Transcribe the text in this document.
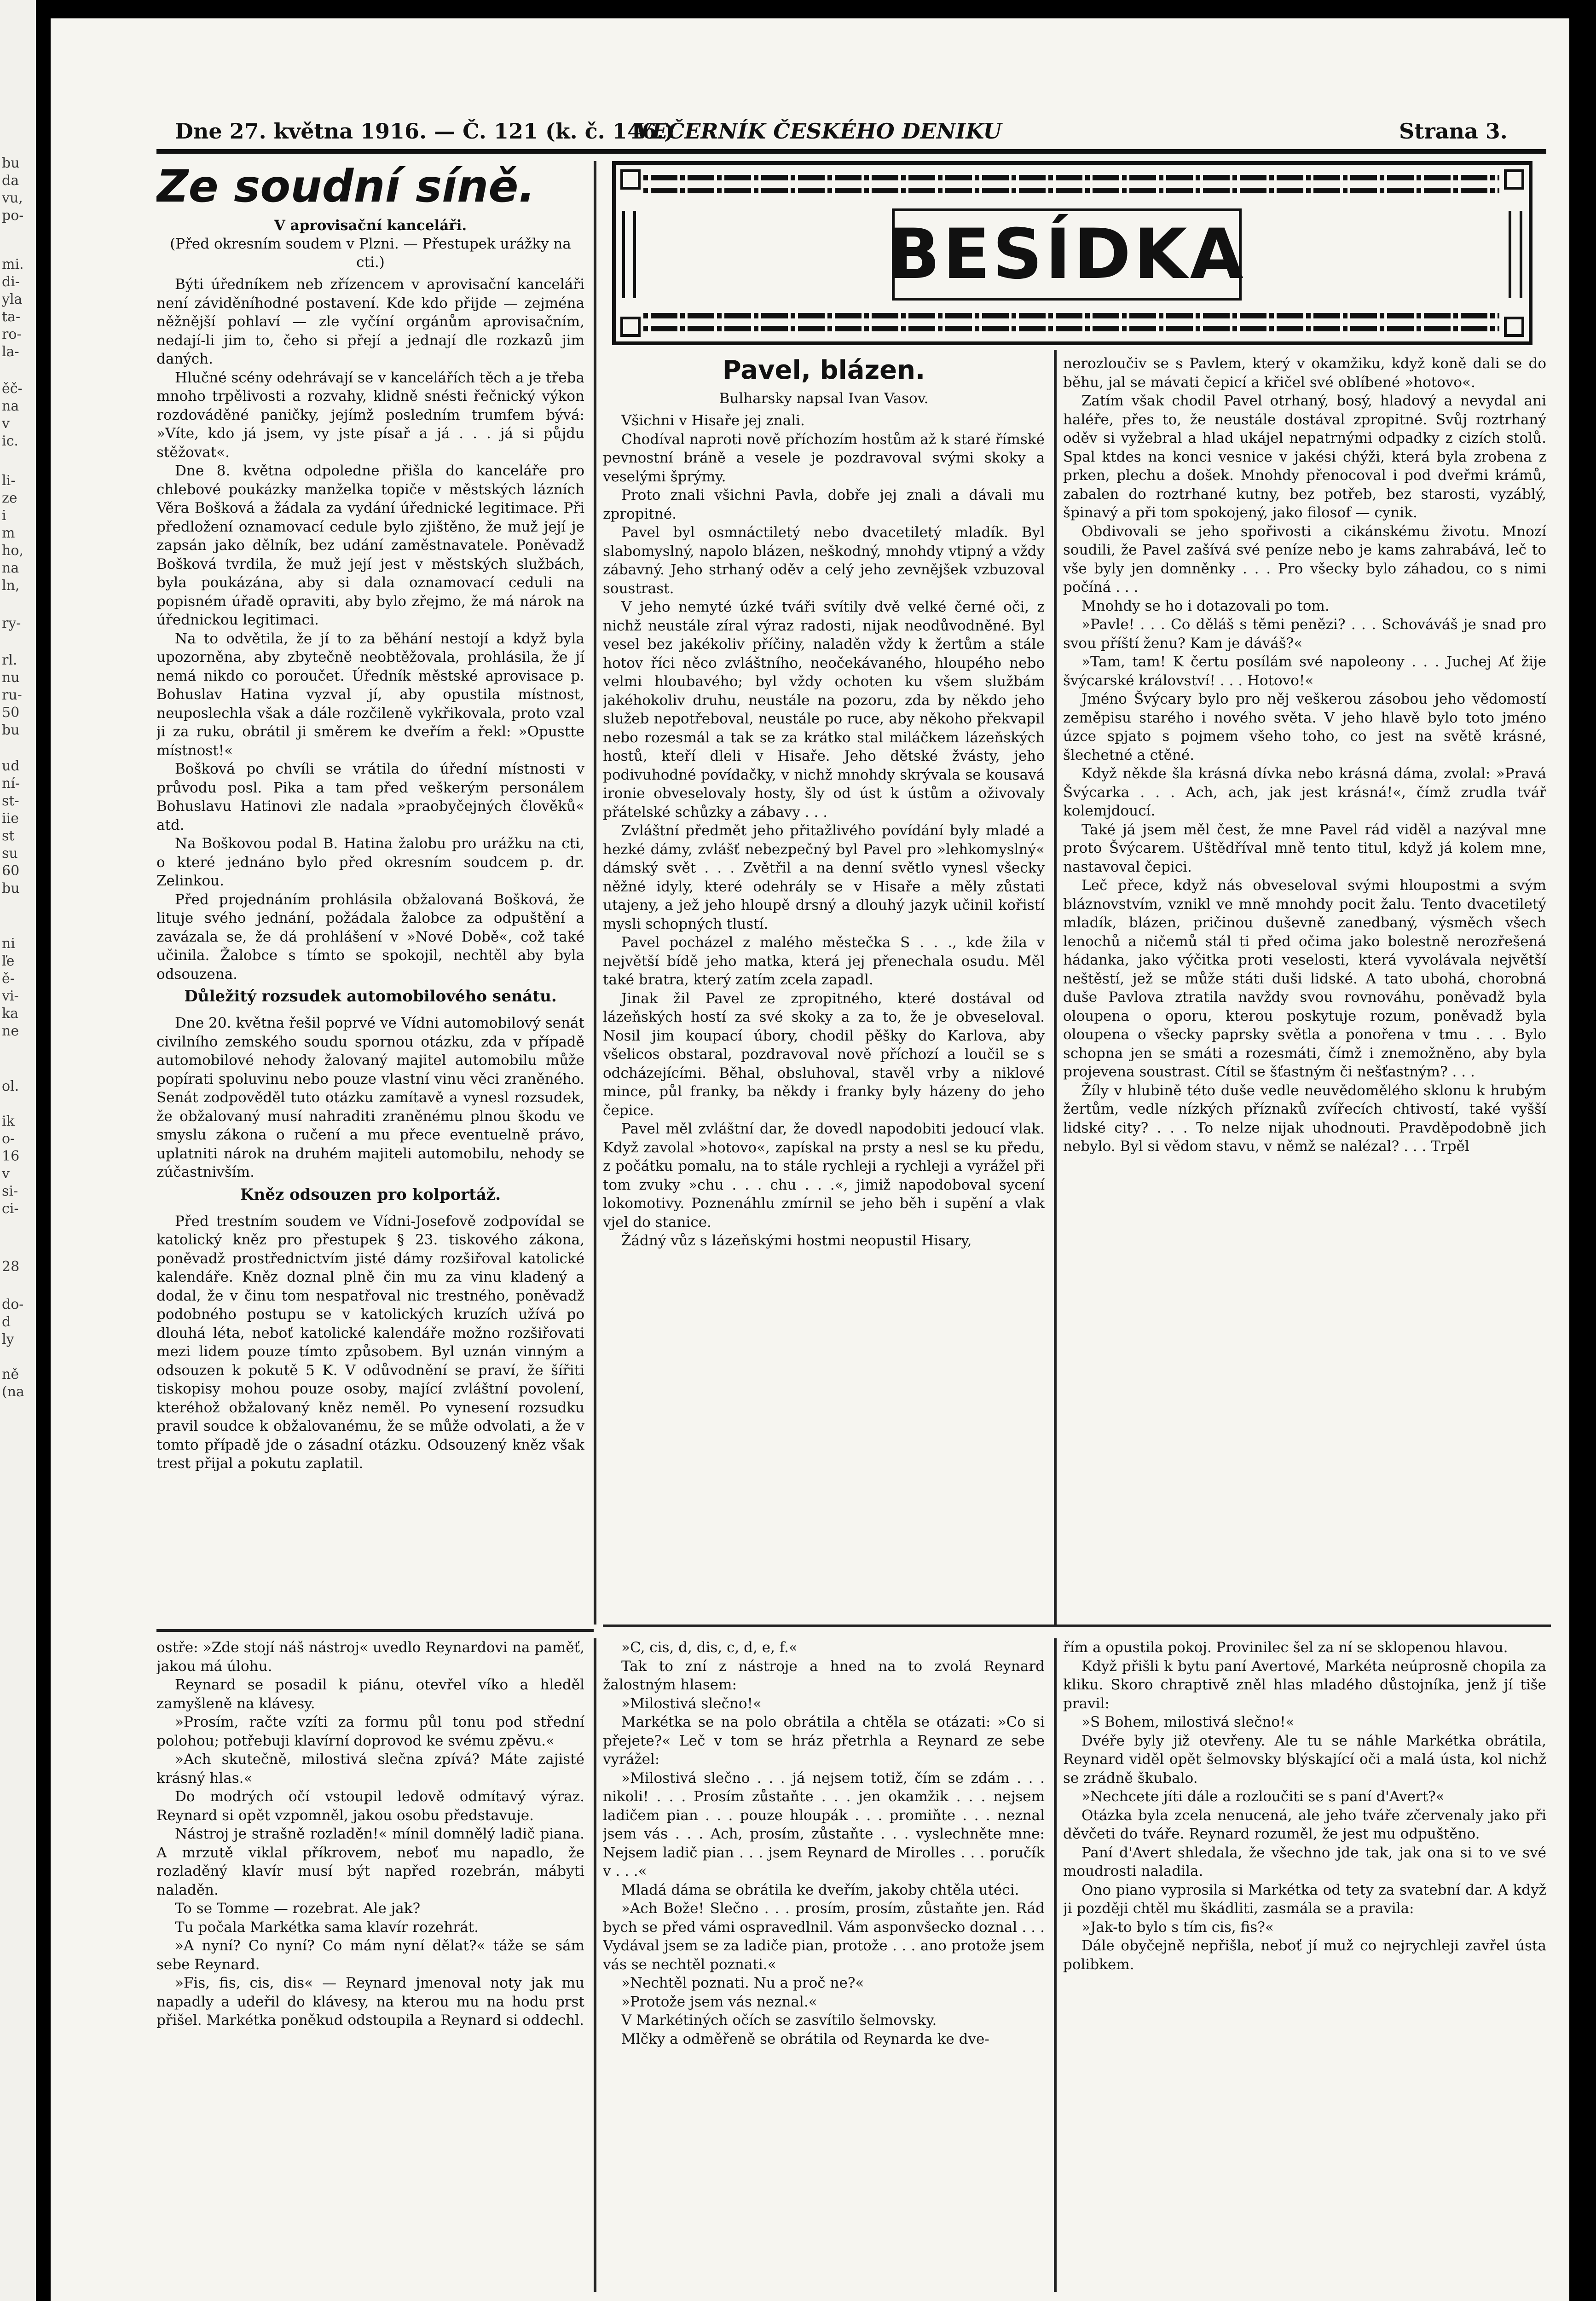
bu
da
vu,
po-
mi.
di-
yla
ta-
ro-
la-
ěč-
na
v
ic.
li-
ze
i
m
ho,
na
ln,
ry-
rl.
nu
ru-
50
bu
ud
ní-
st-
iie
st
su
60
bu
ni
ľe
ě-
vi-
ka
ne
ol.
ik
o-
16
v
si-
ci-
28
do-
d
ly
ně
(na
Dne 27. května 1916. — Č. 121 (k. č. 146.)
VEČERNÍK ČESKÉHO DENIKU	Strana 3.
BESÍDKA
Ze soudní síně.
V aprovisační kanceláři.
(Před okresním soudem v Plzni. — Přestupek urážky na cti.)

Býti úředníkem neb zřízencem v aprovisační kanceláři není záviděníhodné postavení. Kde kdo přijde — zejména něžnější pohlaví — zle vyčíní orgánům aprovisačním, nedají-li jim to, čeho si přejí a jednají dle rozkazů jim daných.

Hlučné scény odehrávají se v kancelářích těch a je třeba mnoho trpělivosti a rozvahy, klidně snésti řečnický výkon rozdováděné paničky, jejímž posledním trumfem bývá: »Víte, kdo já jsem, vy jste písař a já . . . já si půjdu stěžovat«.

Dne 8. května odpoledne přišla do kanceláře pro chlebové poukázky manželka topiče v městských lázních Věra Bošková a žádala za vydání úřednické legitimace. Při předložení oznamovací cedule bylo zjištěno, že muž její je zapsán jako dělník, bez udání zaměstnavatele. Poněvadž Bošková tvrdila, že muž její jest v městských službách, byla poukázána, aby si dala oznamovací ceduli na popisném úřadě opraviti, aby bylo zřejmo, že má nárok na úřednickou legitimaci.

Na to odvětila, že jí to za běhání nestojí a když byla upozorněna, aby zbytečně neobtěžovala, prohlásila, že jí nemá nikdo co poroučet. Úředník městské aprovisace p. Bohuslav Hatina vyzval jí, aby opustila místnost, neuposlechla však a dále rozčileně vykřikovala, proto vzal ji za ruku, obrátil ji směrem ke dveřím a řekl: »Opustte místnost!«

Bošková po chvíli se vrátila do úřední místnosti v průvodu posl. Pika a tam před veškerým personálem Bohuslavu Hatinovi zle nadala »praobyčejných člověků« atd.

Na Boškovou podal B. Hatina žalobu pro urážku na cti, o které jednáno bylo před okresním soudcem p. dr. Zelinkou.

Před projednáním prohlásila obžalovaná Bošková, že lituje svého jednání, požádala žalobce za odpuštění a zavázala se, že dá prohlášení v »Nové Době«, což také učinila. Žalobce s tímto se spokojil, nechtěl aby byla odsouzena.

Důležitý rozsudek automobilového senátu.

Dne 20. května řešil poprvé ve Vídni automobilový senát civilního zemského soudu spornou otázku, zda v případě automobilové nehody žalovaný majitel automobilu může popírati spoluvinu nebo pouze vlastní vinu věci zraněného. Senát zodpověděl tuto otázku zamítavě a vynesl rozsudek, že obžalovaný musí nahraditi zraněnému plnou škodu ve smyslu zákona o ručení a mu přece eventuelně právo, uplatniti nárok na druhém majiteli automobilu, nehody se zúčastnivším.

Kněz odsouzen pro kolportáž.

Před trestním soudem ve Vídni-Josefově zodpovídal se katolický kněz pro přestupek § 23. tiskového zákona, poněvadž prostřednictvím jisté dámy rozšiřoval katolické kalendáře. Kněz doznal plně čin mu za vinu kladený a dodal, že v činu tom nespatřoval nic trestného, poněvadž podobného postupu se v katolických kruzích užívá po dlouhá léta, neboť katolické kalendáře možno rozšiřovati mezi lidem pouze tímto způsobem. Byl uznán vinným a odsouzen k pokutě 5 K. V odůvodnění se praví, že šířiti tiskopisy mohou pouze osoby, mající zvláštní povolení, kteréhož obžalovaný kněz neměl. Po vynesení rozsudku pravil soudce k obžalovanému, že se může odvolati, a že v tomto případě jde o zásadní otázku. Odsouzený kněz však trest přijal a pokutu zaplatil.

Pavel, blázen.
Bulharsky napsal Ivan Vasov.

Všichni v Hisaře jej znali.

Chodíval naproti nově příchozím hostům až k staré římské pevnostní bráně a vesele je pozdravoval svými skoky a veselými šprýmy.

Proto znali všichni Pavla, dobře jej znali a dávali mu zpropitné.

Pavel byl osmnáctiletý nebo dvacetiletý mladík. Byl slabomyslný, napolo blázen, neškodný, mnohdy vtipný a vždy zábavný. Jeho strhaný oděv a celý jeho zevnějšek vzbuzoval soustrast.

V jeho nemyté úzké tváři svítily dvě velké černé oči, z nichž neustále zíral výraz radosti, nijak neodůvodněné. Byl vesel bez jakékoliv příčiny, naladěn vždy k žertům a stále hotov říci něco zvláštního, neočekávaného, hloupého nebo velmi hloubavého; byl vždy ochoten ku všem službám jakéhokoliv druhu, neustále na pozoru, zda by někdo jeho služeb nepotřeboval, neustále po ruce, aby někoho překvapil nebo rozesmál a tak se za krátko stal miláčkem lázeňských hostů, kteří dleli v Hisaře. Jeho dětské žvásty, jeho podivuhodné povídačky, v nichž mnohdy skrývala se kousavá ironie obveselovaly hosty, šly od úst k ústům a oživovaly přátelské schůzky a zábavy . . .

Zvláštní předmět jeho přitažlivého povídání byly mladé a hezké dámy, zvlášť nebezpečný byl Pavel pro »lehkomyslný« dámský svět . . . Zvětřil a na denní světlo vynesl všecky něžné idyly, které odehrály se v Hisaře a měly zůstati utajeny, a jež jeho hloupě drsný a dlouhý jazyk učinil kořistí mysli schopných tlustí.

Pavel pocházel z malého městečka S . . ., kde žila v největší bídě jeho matka, která jej přenechala osudu. Měl také bratra, který zatím zcela zapadl.

Jinak žil Pavel ze zpropitného, které dostával od lázeňských hostí za své skoky a za to, že je obveseloval. Nosil jim koupací úbory, chodil pěšky do Karlova, aby všelicos obstaral, pozdravoval nově příchozí a loučil se s odcházejícími. Běhal, obsluhoval, stavěl vrby a niklové mince, půl franky, ba někdy i franky byly házeny do jeho čepice.

Pavel měl zvláštní dar, že dovedl napodobiti jedoucí vlak. Když zavolal »hotovo«, zapískal na prsty a nesl se ku předu, z počátku pomalu, na to stále rychleji a rychleji a vyrážel při tom zvuky »chu . . . chu . . .«, jimiž napodoboval sycení lokomotivy. Poznenáhlu zmírnil se jeho běh i supění a vlak vjel do stanice.

Žádný vůz s lázeňskými hostmi neopustil Hisary,

nerozloučiv se s Pavlem, který v okamžiku, když koně dali se do běhu, jal se mávati čepicí a křičel své oblíbené »hotovo«.

Zatím však chodil Pavel otrhaný, bosý, hladový a nevydal ani haléře, přes to, že neustále dostával zpropitné. Svůj roztrhaný oděv si vyžebral a hlad ukájel nepatrnými odpadky z cizích stolů. Spal ktdes na konci vesnice v jakési chýži, která byla zrobena z prken, plechu a došek. Mnohdy přenocoval i pod dveřmi krámů, zabalen do roztrhané kutny, bez potřeb, bez starosti, vyzáblý, špinavý a při tom spokojený, jako filosof — cynik.

Obdivovali se jeho spořivosti a cikánskému životu. Mnozí soudili, že Pavel zašívá své peníze nebo je kams zahrabává, leč to vše byly jen domněnky . . . Pro všecky bylo záhadou, co s nimi počíná . . .

Mnohdy se ho i dotazovali po tom.

»Pavle! . . . Co děláš s těmi penězi? . . . Schováváš je snad pro svou příští ženu? Kam je dáváš?«

»Tam, tam! K čertu posílám své napoleony . . . Juchej Ať žije švýcarské království! . . . Hotovo!«

Jméno Švýcary bylo pro něj veškerou zásobou jeho vědomostí zeměpisu starého i nového světa. V jeho hlavě bylo toto jméno úzce spjato s pojmem všeho toho, co jest na světě krásné, šlechetné a ctěné.

Když někde šla krásná dívka nebo krásná dáma, zvolal: »Pravá Švýcarka . . . Ach, ach, jak jest krásná!«, čímž zrudla tvář kolemjdoucí.

Také já jsem měl čest, že mne Pavel rád viděl a nazýval mne proto Švýcarem. Uštědříval mně tento titul, když já kolem mne, nastavoval čepici.

Leč přece, když nás obveseloval svými hloupostmi a svým bláznovstvím, vznikl ve mně mnohdy pocit žalu. Tento dvacetiletý mladík, blázen, pričinou duševně zanedbaný, výsměch všech lenochů a ničemů stál ti před očima jako bolestně nerozřešená hádanka, jako výčitka proti veselosti, která vyvolávala největší neštěstí, jež se může státi duši lidské. A tato ubohá, chorobná duše Pavlova ztratila navždy svou rovnováhu, poněvadž byla oloupena o oporu, kterou poskytuje rozum, poněvadž byla oloupena o všecky paprsky světla a ponořena v tmu . . . Bylo schopna jen se smáti a rozesmáti, čímž i znemožněno, aby byla projevena soustrast. Cítil se šťastným či nešťastným? . . .

Žíly v hlubině této duše vedle neuvědomělého sklonu k hrubým žertům, vedle nízkých příznaků zvířecích chtivostí, také vyšší lidské city? . . . To nelze nijak uhodnouti. Pravděpodobně jich nebylo. Byl si vědom stavu, v němž se nalézal? . . . Trpěl

ostře: »Zde stojí náš nástroj« uvedlo Reynardovi na paměť, jakou má úlohu.

Reynard se posadil k piánu, otevřel víko a hleděl zamyšleně na klávesy.

»Prosím, račte vzíti za formu půl tonu pod střední polohou; potřebuji klavírní doprovod ke svému zpěvu.«

»Ach skutečně, milostivá slečna zpívá? Máte zajisté krásný hlas.«

Do modrých očí vstoupil ledově odmítavý výraz. Reynard si opět vzpomněl, jakou osobu představuje.

Nástroj je strašně rozladěn!« mínil domnělý ladič piana. A mrzutě viklal příkrovem, neboť mu napadlo, že rozladěný klavír musí být napřed rozebrán, mábyti naladěn.

To se Tomme — rozebrat. Ale jak?

Tu počala Markétka sama klavír rozehrát.

»A nyní? Co nyní? Co mám nyní dělat?« táže se sám sebe Reynard.

»Fis, fis, cis, dis« — Reynard jmenoval noty jak mu napadly a udeřil do klávesy, na kterou mu na hodu prst přišel. Markétka poněkud odstoupila a Reynard si oddechl.

»C, cis, d, dis, c, d, e, f.«

Tak to zní z nástroje a hned na to zvolá Reynard žalostným hlasem:

»Milostivá slečno!«

Markétka se na polo obrátila a chtěla se otázati: »Co si přejete?« Leč v tom se hráz přetrhla a Reynard ze sebe vyrážel:

»Milostivá slečno . . . já nejsem totiž, čím se zdám . . . nikoli! . . . Prosím zůstaňte . . . jen okamžik . . . nejsem ladičem pian . . . pouze hloupák . . . promiňte . . . neznal jsem vás . . . Ach, prosím, zůstaňte . . . vyslechněte mne: Nejsem ladič pian . . . jsem Reynard de Mirolles . . . poručík v . . .«

Mladá dáma se obrátila ke dveřím, jakoby chtěla utéci.

»Ach Bože! Slečno . . . prosím, prosím, zůstaňte jen. Rád bych se před vámi ospravedlnil. Vám asponvšecko doznal . . . Vydával jsem se za ladiče pian, protože . . . ano protože jsem vás se nechtěl poznati.«

»Nechtěl poznati. Nu a proč ne?«

»Protože jsem vás neznal.«

V Markétiných očích se zasvítilo šelmovsky.

Mlčky a odměřeně se obrátila od Reynarda ke dve-

řím a opustila pokoj. Provinilec šel za ní se sklopenou hlavou.

Když přišli k bytu paní Avertové, Markéta neúprosně chopila za kliku. Skoro chraptivě zněl hlas mladého důstojníka, jenž jí tiše pravil:

»S Bohem, milostivá slečno!«

Dvéře byly již otevřeny. Ale tu se náhle Markétka obrátila, Reynard viděl opět šelmovsky blýskající oči a malá ústa, kol nichž se zrádně škubalo.

»Nechcete jíti dále a rozloučiti se s paní d'Avert?«

Otázka byla zcela nenucená, ale jeho tváře zčervenaly jako při děvčeti do tváře. Reynard rozuměl, že jest mu odpuštěno.

Paní d'Avert shledala, že všechno jde tak, jak ona si to ve své moudrosti naladila.

Ono piano vyprosila si Markétka od tety za svatební dar. A když ji později chtěl mu škádliti, zasmála se a pravila:

»Jak-to bylo s tím cis, fis?«

Dále obyčejně nepřišla, neboť jí muž co nejrychleji zavřel ústa polibkem.
